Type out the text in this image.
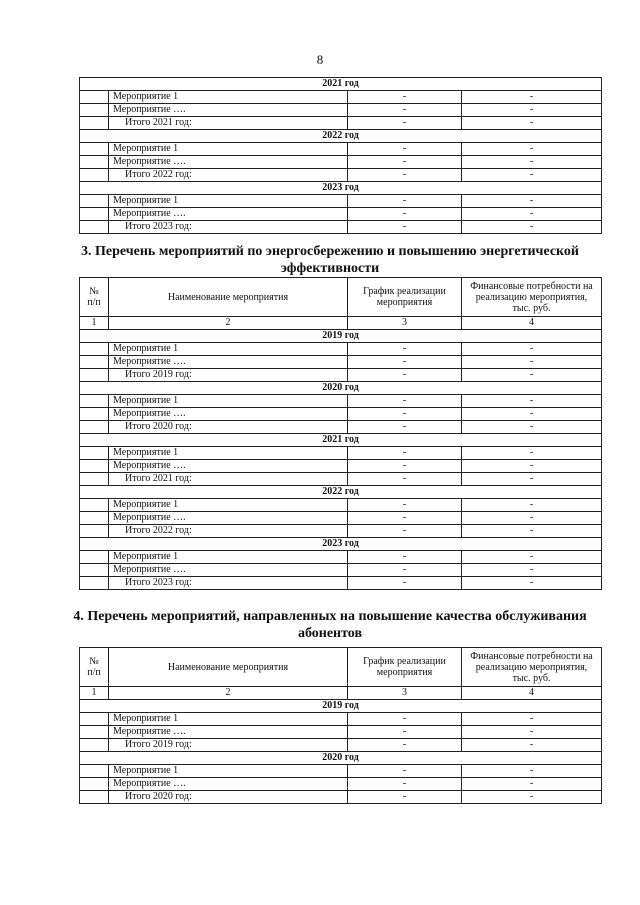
8
2021 год			
	Мероприятие 1	-	-
	Мероприятие ….	-	-
	Итого 2021 год:	-	-
2022 год			
	Мероприятие 1	-	-
	Мероприятие ….	-	-
	Итого 2022 год:	-	-
2023 год			
	Мероприятие 1	-	-
	Мероприятие ….	-	-
	Итого 2023 год:	-	-
3. Перечень мероприятий по энергосбережению и повышению энергетической эффективности
№ п/п	Наименование мероприятия	График реализации мероприятия	Финансовые потребности на реализацию мероприятия, тыс. руб.
1	2	3	4
2019 год			
	Мероприятие 1	-	-
	Мероприятие ….	-	-
	Итого 2019 год:	-	-
2020 год			
	Мероприятие 1	-	-
	Мероприятие ….	-	-
	Итого 2020 год:	-	-
2021 год			
	Мероприятие 1	-	-
	Мероприятие ….	-	-
	Итого 2021 год:	-	-
2022 год			
	Мероприятие 1	-	-
	Мероприятие ….	-	-
	Итого 2022 год:	-	-
2023 год			
	Мероприятие 1	-	-
	Мероприятие ….	-	-
	Итого 2023 год:	-	-
4. Перечень мероприятий, направленных на повышение качества обслуживания абонентов
№ п/п	Наименование мероприятия	График реализации мероприятия	Финансовые потребности на реализацию мероприятия, тыс. руб.
1	2	3	4
2019 год			
	Мероприятие 1	-	-
	Мероприятие ….	-	-
	Итого 2019 год:	-	-
2020 год			
	Мероприятие 1	-	-
	Мероприятие ….	-	-
	Итого 2020 год:	-	-
